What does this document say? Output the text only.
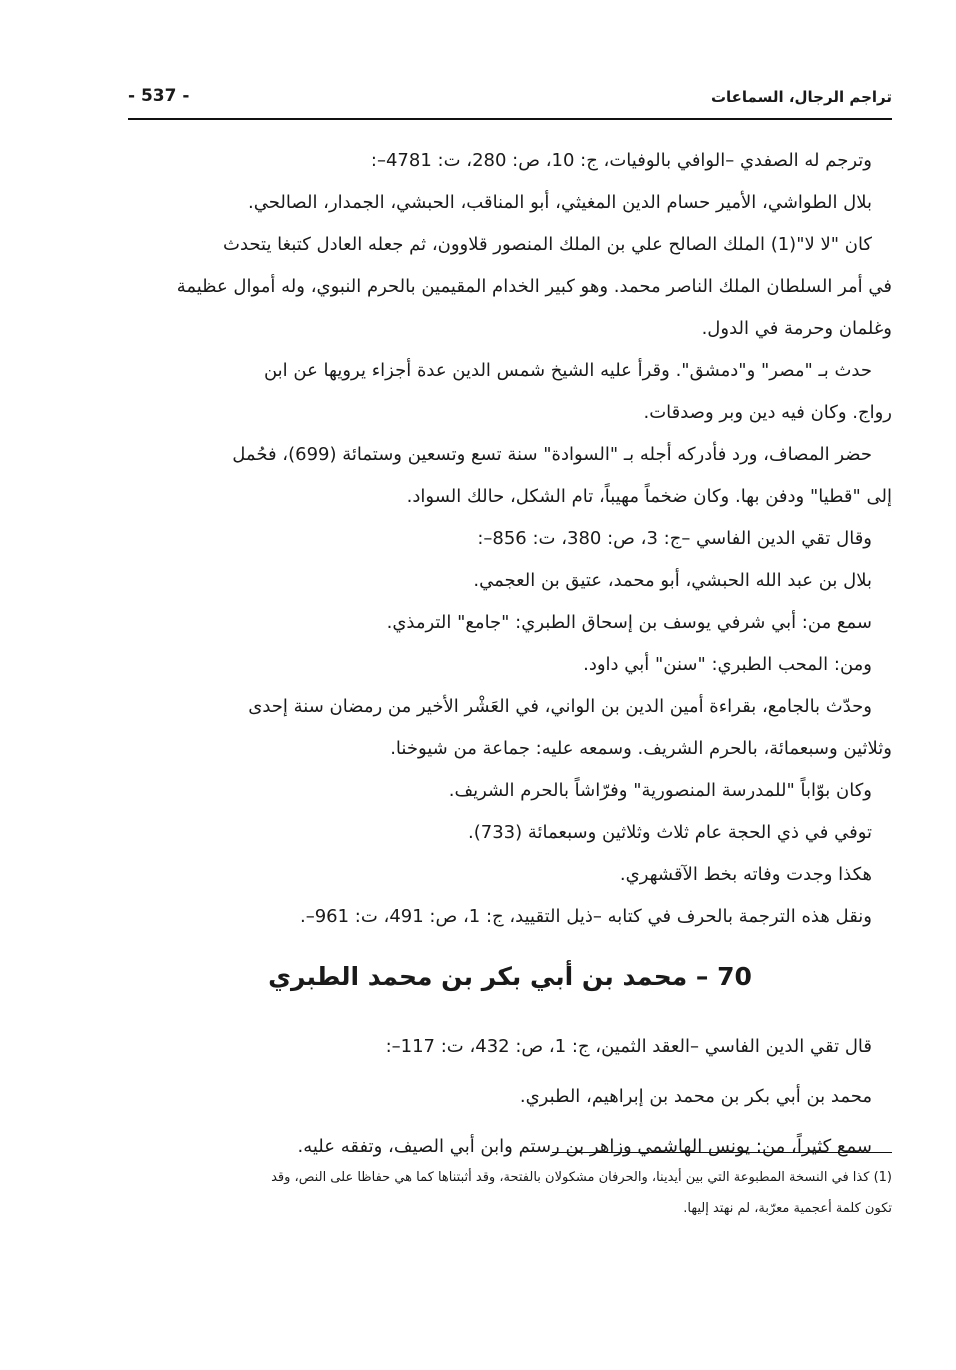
تراجم الرجال، السماعات
- 537 -
وترجم له الصفدي –الوافي بالوفيات، ج: 10، ص: 280، ت: 4781–:
بلال الطواشي، الأمير حسام الدين المغيثي، أبو المناقب، الحبشي، الجمدار، الصالحي.
كان "لا لا"(1) الملك الصالح علي بن الملك المنصور قلاوون، ثم جعله العادل كتبغا يتحدث
في أمر السلطان الملك الناصر محمد. وهو كبير الخدام المقيمين بالحرم النبوي، وله أموال عظيمة
وغلمان وحرمة في الدول.
حدث بـ "مصر" و"دمشق". وقرأ عليه الشيخ شمس الدين عدة أجزاء يرويها عن ابن
رواج. وكان فيه دين وبر وصدقات.
حضر المصاف، ورد فأدركه أجله بـ "السوادة" سنة تسع وتسعين وستمائة (699)، فحُمل
إلى "قطيا" ودفن بها. وكان ضخماً مهيباً، تام الشكل، حالك السواد.
وقال تقي الدين الفاسي –ج: 3، ص: 380، ت: 856–:
بلال بن عبد الله الحبشي، أبو محمد، عتيق بن العجمي.
سمع من: أبي شرفي يوسف بن إسحاق الطبري: "جامع" الترمذي.
ومن: المحب الطبري: "سنن" أبي داود.
وحدّث بالجامع، بقراءة أمين الدين بن الواني، في العَشْر الأخير من رمضان سنة إحدى
وثلاثين وسبعمائة، بالحرم الشريف. وسمعه عليه: جماعة من شيوخنا.
وكان بوّاباً "للمدرسة المنصورية" وفرّاشاً بالحرم الشريف.
توفي في ذي الحجة عام ثلاث وثلاثين وسبعمائة (733).
هكذا وجدت وفاته بخط الآقشهري.
ونقل هذه الترجمة بالحرف في كتابه –ذيل التقييد، ج: 1، ص: 491، ت: 961–.
70 – محمد بن أبي بكر بن محمد الطبري
قال تقي الدين الفاسي –العقد الثمين، ج: 1، ص: 432، ت: 117–:
محمد بن أبي بكر بن محمد بن إبراهيم، الطبري.
سمع كثيراً، من: يونس الهاشمي وزاهر بن رستم وابن أبي الصيف، وتفقه عليه.
(1) كذا في النسخة المطبوعة التي بين أيدينا، والحرفان مشكولان بالفتحة، وقد أثبتناها كما هي حفاظا على النص، وقد
تكون كلمة أعجمية معرّبة، لم نهتد إليها.
